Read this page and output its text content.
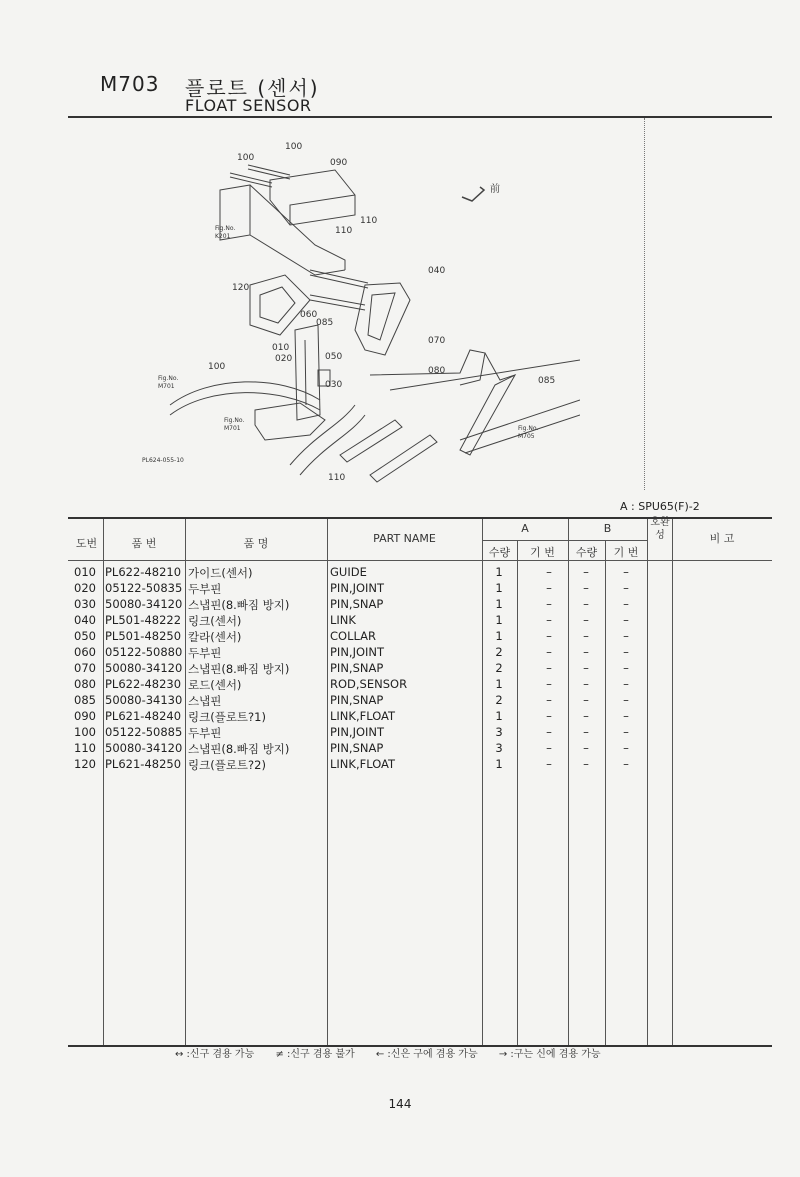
M703 플로트 (센서)
FLOAT SENSOR
100
100
090
110
110
040
120
060
085
070
010
020	050
080
085
100
030
110
前
Fig.No. K201
Fig.No. M701
Fig.No. M701	Fig.No. M705
PL624-055-10
A : SPU65(F)-2
도번	품 번	품 명	PART NAME
A	B
수량	기 번	수량	기 번
호환성	비 고
010 PL622-48210 가이드(센서)	GUIDE	1	–	–	–
020 05122-50835 두부핀	PIN,JOINT	1	–	–	–
030 50080-34120 스냅핀(8.빠짐 방지)	PIN,SNAP	1	–	–	–
040 PL501-48222 링크(센서)	LINK	1	–	–	–
050 PL501-48250 칼라(센서)	COLLAR	1	–	–	–
060 05122-50880 두부핀	PIN,JOINT	2	–	–	–
070 50080-34120 스냅핀(8.빠짐 방지)	PIN,SNAP	2	–	–	–
080 PL622-48230 로드(센서)	ROD,SENSOR	1	–	–	–
085 50080-34130 스냅핀	PIN,SNAP	2	–	–	–
090 PL621-48240 링크(플로트?1)	LINK,FLOAT	1	–	–	–
100 05122-50885 두부핀	PIN,JOINT	3	–	–	–
110 50080-34120 스냅핀(8.빠짐 방지)	PIN,SNAP	3	–	–	–
120 PL621-48250 링크(플로트?2)	LINK,FLOAT	1	–	–	–
↔ :신구 겸용 가능 ≠ :신구 겸용 불가 ← :신은 구에 겸용 가능 → :구는 신에 겸용 가능
144
